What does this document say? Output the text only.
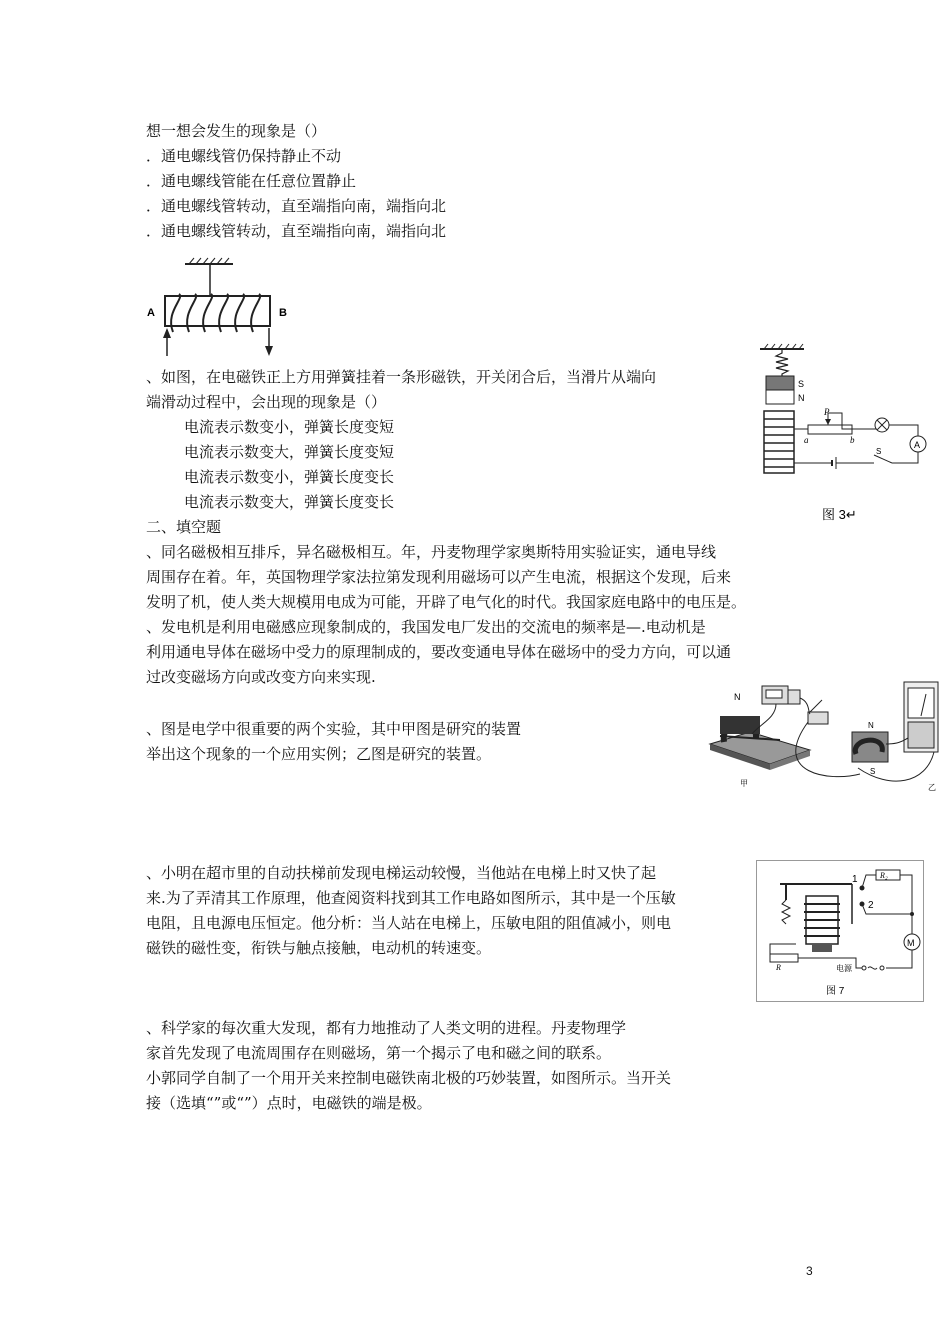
想一想会发生的现象是（）
．通电螺线管仍保持静止不动
．通电螺线管能在任意位置静止
．通电螺线管转动，直至端指向南，端指向北
．通电螺线管转动，直至端指向南，端指向北
A	B
、如图，在电磁铁正上方用弹簧挂着一条形磁铁，开关闭合后，当滑片从端向
端滑动过程中，会出现的现象是（）
电流表示数变小，弹簧长度变短
电流表示数变大，弹簧长度变短
电流表示数变小，弹簧长度变长
电流表示数变大，弹簧长度变长
S
N
P
a	b	A
S
图 3↵
二、填空题
、同名磁极相互排斥，异名磁极相互。年，丹麦物理学家奥斯特用实验证实，通电导线
周围存在着。年，英国物理学家法拉第发现利用磁场可以产生电流，根据这个发现，后来
发明了机，使人类大规模用电成为可能，开辟了电气化的时代。我国家庭电路中的电压是。
、发电机是利用电磁感应现象制成的，我国发电厂发出的交流电的频率是—.电动机是
利用通电导体在磁场中受力的原理制成的，要改变通电导体在磁场中的受力方向，可以通
过改变磁场方向或改变方向来实现.
、图是电学中很重要的两个实验，其中甲图是研究的装置
举出这个现象的一个应用实例；乙图是研究的装置。
N
甲
N
S
乙
、小明在超市里的自动扶梯前发现电梯运动较慢，当他站在电梯上时又快了起
来.为了弄清其工作原理，他查阅资料找到其工作电路如图所示，其中是一个压敏
电阻，且电源电压恒定。他分析：当人站在电梯上，压敏电阻的阻值减小，则电
磁铁的磁性变，衔铁与触点接触，电动机的转速变。
1
2
R₂
M
电源
R
图 7
、科学家的每次重大发现，都有力地推动了人类文明的进程。丹麦物理学
家首先发现了电流周围存在则磁场，第一个揭示了电和磁之间的联系。
小郭同学自制了一个用开关来控制电磁铁南北极的巧妙装置，如图所示。当开关
接（选填“”或“”）点时，电磁铁的端是极。
3
